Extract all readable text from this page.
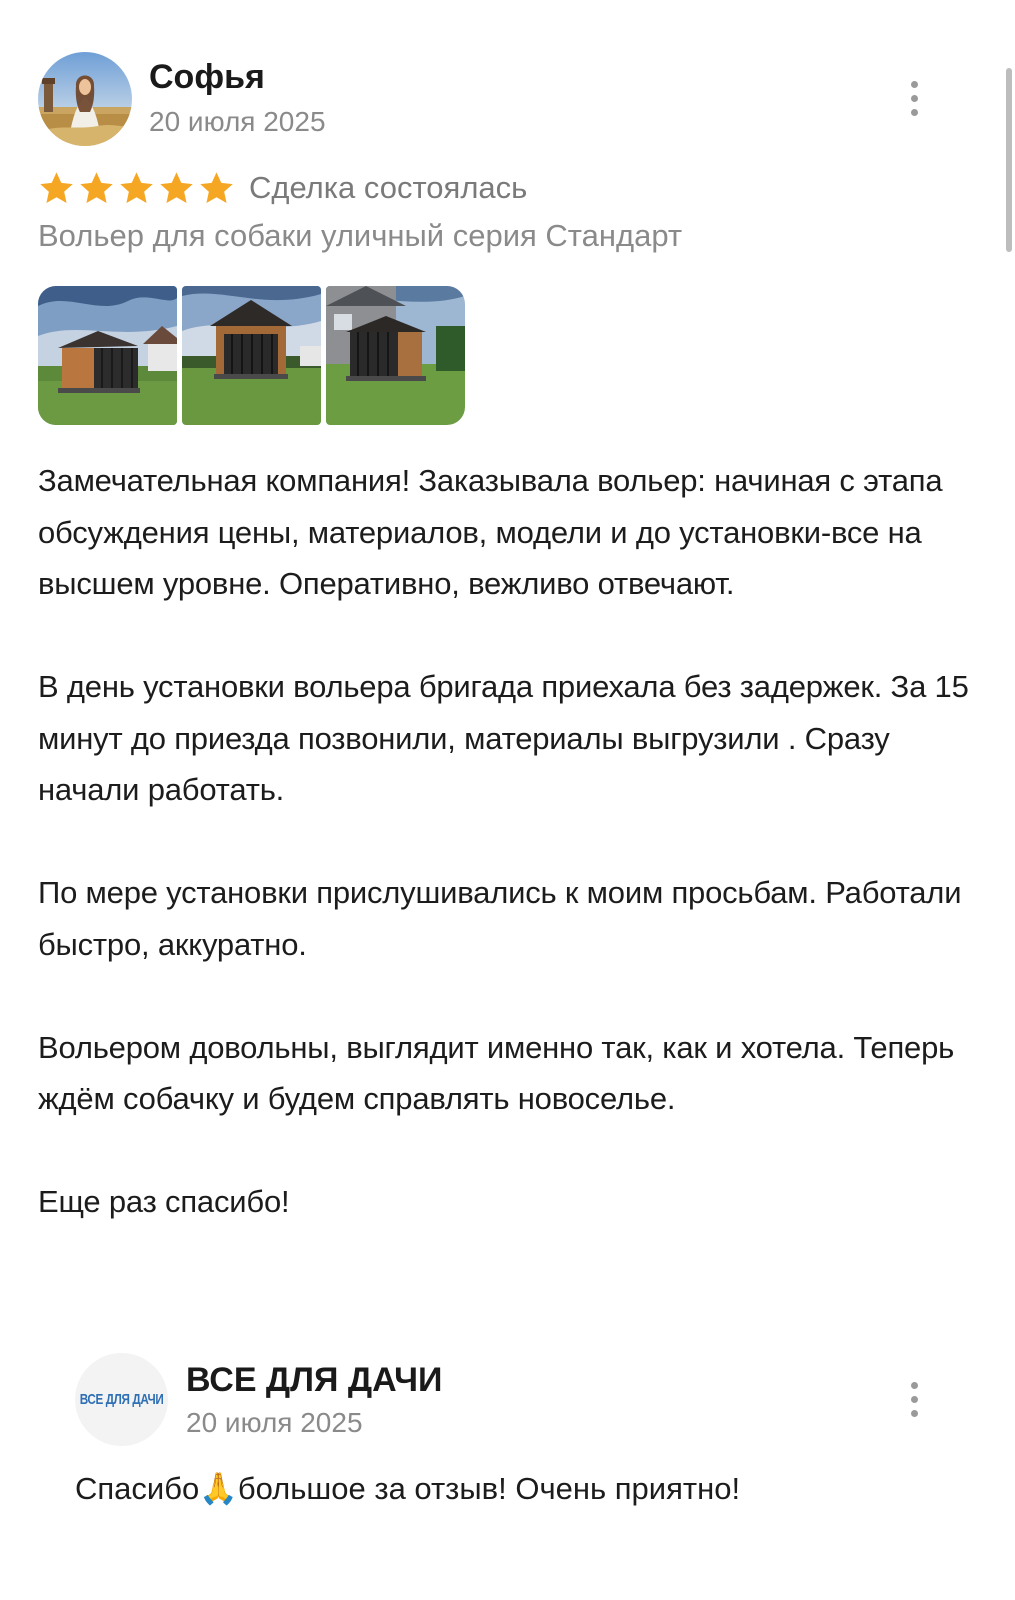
Софья
20 июля 2025
Сделка состоялась
Вольер для собаки уличный серия Стандарт
Замечательная компания! Заказывала вольер: начиная с этапа обсуждения цены, материалов, модели и до установки-все на высшем уровне. Оперативно, вежливо отвечают.

В день установки вольера бригада приехала без задержек. За 15 минут до приезда позвонили, материалы выгрузили . Сразу начали работать.

По мере установки прислушивались к моим просьбам. Работали быстро, аккуратно.

Вольером довольны, выглядит именно так, как и хотела. Теперь ждём собачку и будем справлять новоселье.

Еще раз спасибо!
ВСЕ ДЛЯ ДАЧИ
ВСЕ ДЛЯ ДАЧИ
20 июля 2025
Спасибо🙏большое за отзыв! Очень приятно!
